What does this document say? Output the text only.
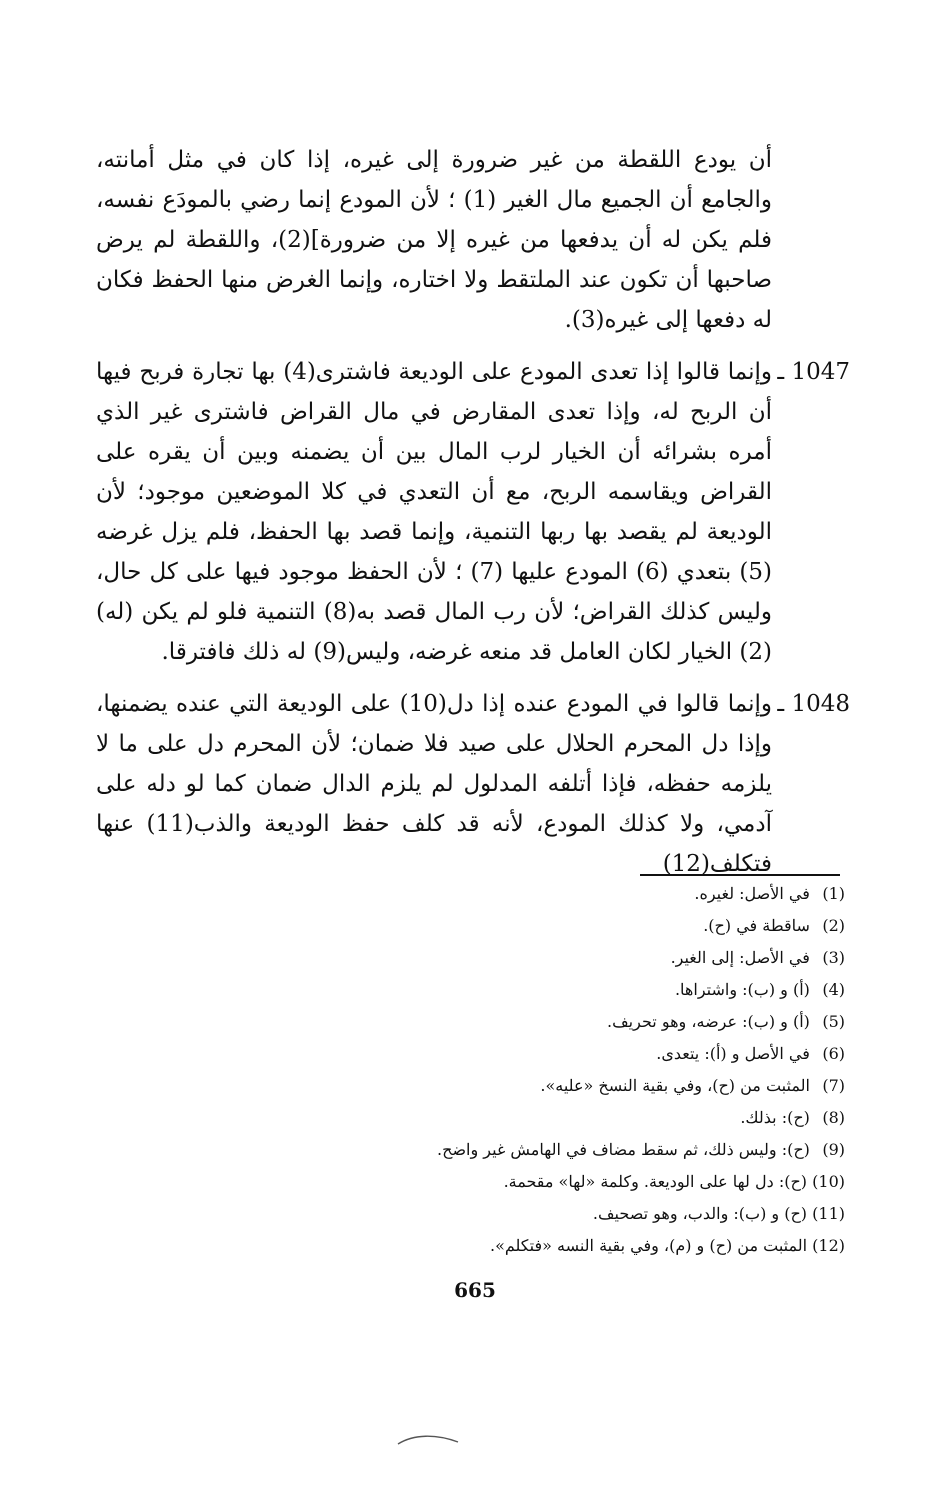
أن يودع اللقطة من غير ضرورة إلى غيره، إذا كان في مثل أمانته، والجامع أن الجميع مال الغير (1) ؛ لأن المودع إنما رضي بالمودَع نفسه، فلم يكن له أن يدفعها من غيره إلا من ضرورة](2)، واللقطة لم يرض صاحبها أن تكون عند الملتقط ولا اختاره، وإنما الغرض منها الحفظ فكان له دفعها إلى غيره(3).

1047 ـ
وإنما قالوا إذا تعدى المودع على الوديعة فاشترى(4) بها تجارة فربح فيها أن الربح له، وإذا تعدى المقارض في مال القراض فاشترى غير الذي أمره بشرائه أن الخيار لرب المال بين أن يضمنه وبين أن يقره على القراض ويقاسمه الربح، مع أن التعدي في كلا الموضعين موجود؛ لأن الوديعة لم يقصد بها ربها التنمية، وإنما قصد بها الحفظ، فلم يزل غرضه (5) بتعدي (6) المودع عليها (7) ؛ لأن الحفظ موجود فيها على كل حال، وليس كذلك القراض؛ لأن رب المال قصد به(8) التنمية فلو لم يكن (له)(2) الخيار لكان العامل قد منعه غرضه، وليس(9) له ذلك فافترقا.

1048 ـ
وإنما قالوا في المودع عنده إذا دل(10) على الوديعة التي عنده يضمنها، وإذا دل المحرم الحلال على صيد فلا ضمان؛ لأن المحرم دل على ما لا يلزمه حفظه، فإذا أتلفه المدلول لم يلزم الدال ضمان كما لو دله على آدمي، ولا كذلك المودع، لأنه قد كلف حفظ الوديعة والذب(11) عنها فتكلف(12)

(1) في الأصل: لغيره.
(2) ساقطة في (ح).
(3) في الأصل: إلى الغير.
(4) (أ) و (ب): واشتراها.
(5) (أ) و (ب): عرضه، وهو تحريف.
(6) في الأصل و (أ): يتعدى.
(7) المثبت من (ح)، وفي بقية النسخ «عليه».
(8) (ح): بذلك.
(9) (ح): وليس ذلك، ثم سقط مضاف في الهامش غير واضح.
(10) (ح): دل لها على الوديعة. وكلمة «لها» مقحمة.
(11) (ح) و (ب): والدب، وهو تصحيف.
(12) المثبت من (ح) و (م)، وفي بقية النسه «فتكلم».
665
